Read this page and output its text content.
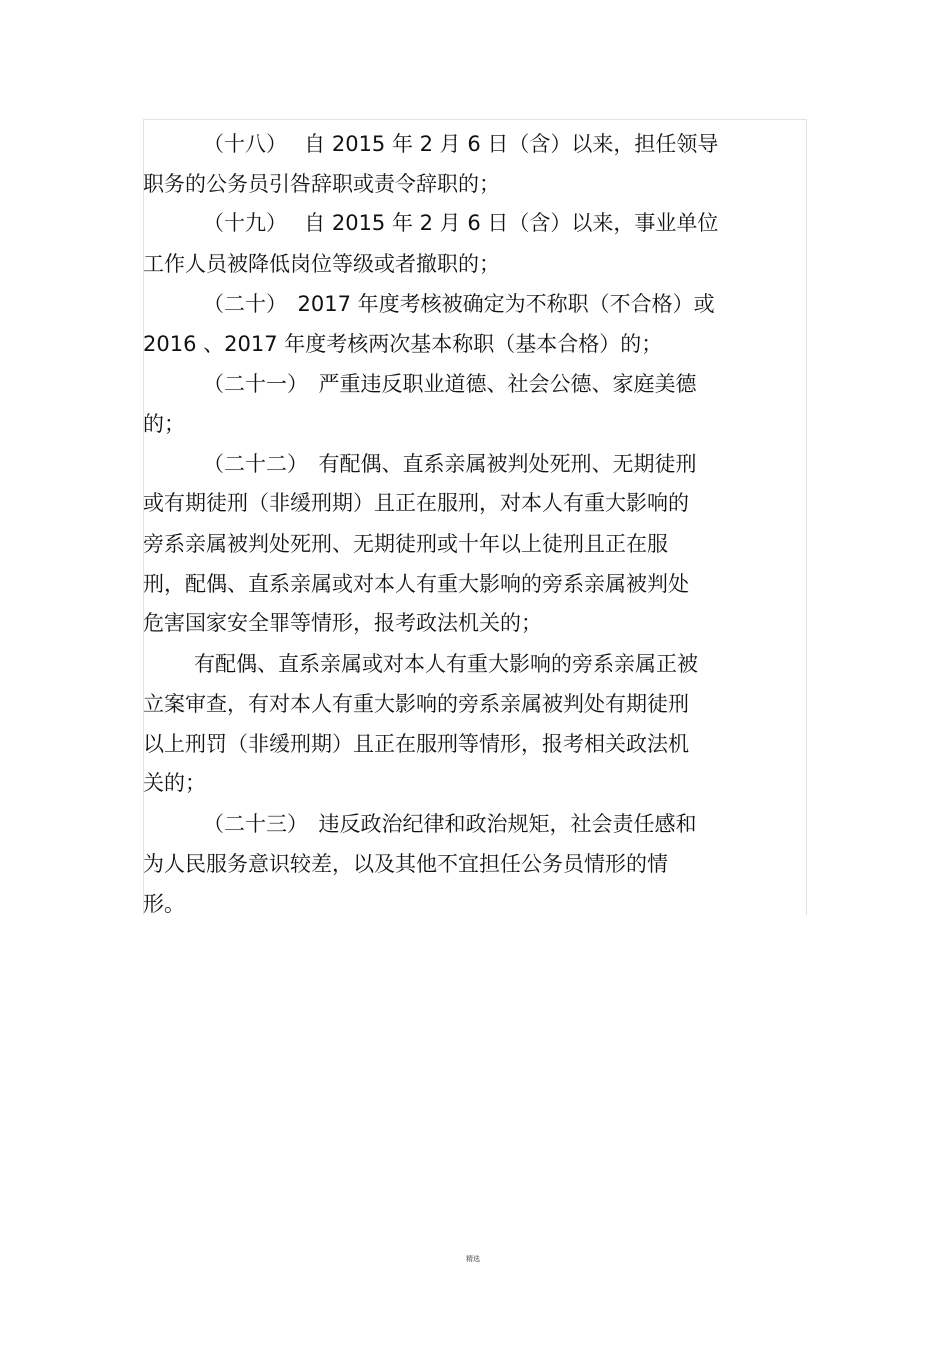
（十八）　 自 2015 年 2 月 6 日（含）以来，担任领导
职务的公务员引咎辞职或责令辞职的；
（十九）　 自 2015 年 2 月 6 日（含）以来，事业单位
工作人员被降低岗位等级或者撤职的；
（二十）　2017 年度考核被确定为不称职（不合格）或
2016 、2017 年度考核两次基本称职（基本合格）的；
（二十一）　严重违反职业道德、社会公德、家庭美德
的；
（二十二）　有配偶、直系亲属被判处死刑、无期徒刑
或有期徒刑（非缓刑期）且正在服刑，对本人有重大影响的
旁系亲属被判处死刑、无期徒刑或十年以上徒刑且正在服
刑，配偶、直系亲属或对本人有重大影响的旁系亲属被判处
危害国家安全罪等情形，报考政法机关的；
有配偶、直系亲属或对本人有重大影响的旁系亲属正被
立案审查，有对本人有重大影响的旁系亲属被判处有期徒刑
以上刑罚（非缓刑期）且正在服刑等情形，报考相关政法机
关的；
（二十三）　违反政治纪律和政治规矩，社会责任感和
为人民服务意识较差，以及其他不宜担任公务员情形的情
形。
精选
